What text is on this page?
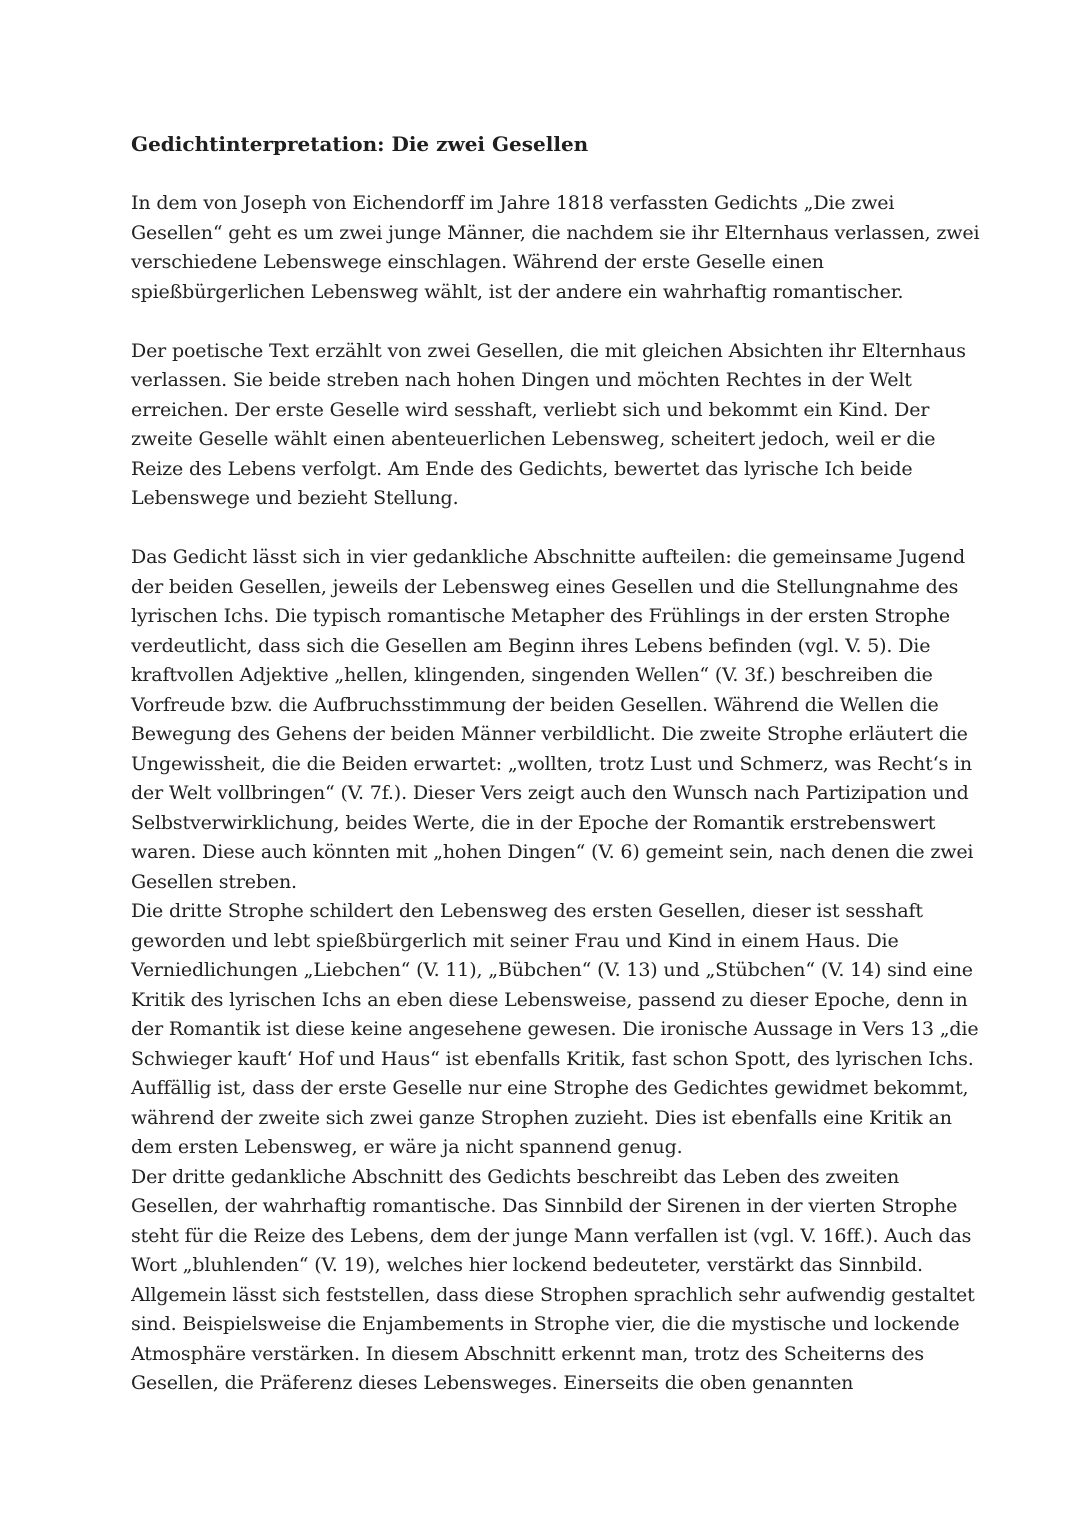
Gedichtinterpretation: Die zwei Gesellen

In dem von Joseph von Eichendorff im Jahre 1818 verfassten Gedichts „Die zwei
Gesellen“ geht es um zwei junge Männer, die nachdem sie ihr Elternhaus verlassen, zwei
verschiedene Lebenswege einschlagen. Während der erste Geselle einen
spießbürgerlichen Lebensweg wählt, ist der andere ein wahrhaftig romantischer.

Der poetische Text erzählt von zwei Gesellen, die mit gleichen Absichten ihr Elternhaus
verlassen. Sie beide streben nach hohen Dingen und möchten Rechtes in der Welt
erreichen. Der erste Geselle wird sesshaft, verliebt sich und bekommt ein Kind. Der
zweite Geselle wählt einen abenteuerlichen Lebensweg, scheitert jedoch, weil er die
Reize des Lebens verfolgt. Am Ende des Gedichts, bewertet das lyrische Ich beide
Lebenswege und bezieht Stellung.

Das Gedicht lässt sich in vier gedankliche Abschnitte aufteilen: die gemeinsame Jugend
der beiden Gesellen, jeweils der Lebensweg eines Gesellen und die Stellungnahme des
lyrischen Ichs. Die typisch romantische Metapher des Frühlings in der ersten Strophe
verdeutlicht, dass sich die Gesellen am Beginn ihres Lebens befinden (vgl. V. 5). Die
kraftvollen Adjektive „hellen, klingenden, singenden Wellen“ (V. 3f.) beschreiben die
Vorfreude bzw. die Aufbruchsstimmung der beiden Gesellen. Während die Wellen die
Bewegung des Gehens der beiden Männer verbildlicht. Die zweite Strophe erläutert die
Ungewissheit, die die Beiden erwartet: „wollten, trotz Lust und Schmerz, was Recht‘s in
der Welt vollbringen“ (V. 7f.). Dieser Vers zeigt auch den Wunsch nach Partizipation und
Selbstverwirklichung, beides Werte, die in der Epoche der Romantik erstrebenswert
waren. Diese auch könnten mit „hohen Dingen“ (V. 6) gemeint sein, nach denen die zwei
Gesellen streben.

Die dritte Strophe schildert den Lebensweg des ersten Gesellen, dieser ist sesshaft
geworden und lebt spießbürgerlich mit seiner Frau und Kind in einem Haus. Die
Verniedlichungen „Liebchen“ (V. 11), „Bübchen“ (V. 13) und „Stübchen“ (V. 14) sind eine
Kritik des lyrischen Ichs an eben diese Lebensweise, passend zu dieser Epoche, denn in
der Romantik ist diese keine angesehene gewesen. Die ironische Aussage in Vers 13 „die
Schwieger kauft‘ Hof und Haus“ ist ebenfalls Kritik, fast schon Spott, des lyrischen Ichs.
Auffällig ist, dass der erste Geselle nur eine Strophe des Gedichtes gewidmet bekommt,
während der zweite sich zwei ganze Strophen zuzieht. Dies ist ebenfalls eine Kritik an
dem ersten Lebensweg, er wäre ja nicht spannend genug.

Der dritte gedankliche Abschnitt des Gedichts beschreibt das Leben des zweiten
Gesellen, der wahrhaftig romantische. Das Sinnbild der Sirenen in der vierten Strophe
steht für die Reize des Lebens, dem der junge Mann verfallen ist (vgl. V. 16ff.). Auch das
Wort „bluhlenden“ (V. 19), welches hier lockend bedeuteter, verstärkt das Sinnbild.
Allgemein lässt sich feststellen, dass diese Strophen sprachlich sehr aufwendig gestaltet
sind. Beispielsweise die Enjambements in Strophe vier, die die mystische und lockende
Atmosphäre verstärken. In diesem Abschnitt erkennt man, trotz des Scheiterns des
Gesellen, die Präferenz dieses Lebensweges. Einerseits die oben genannten
